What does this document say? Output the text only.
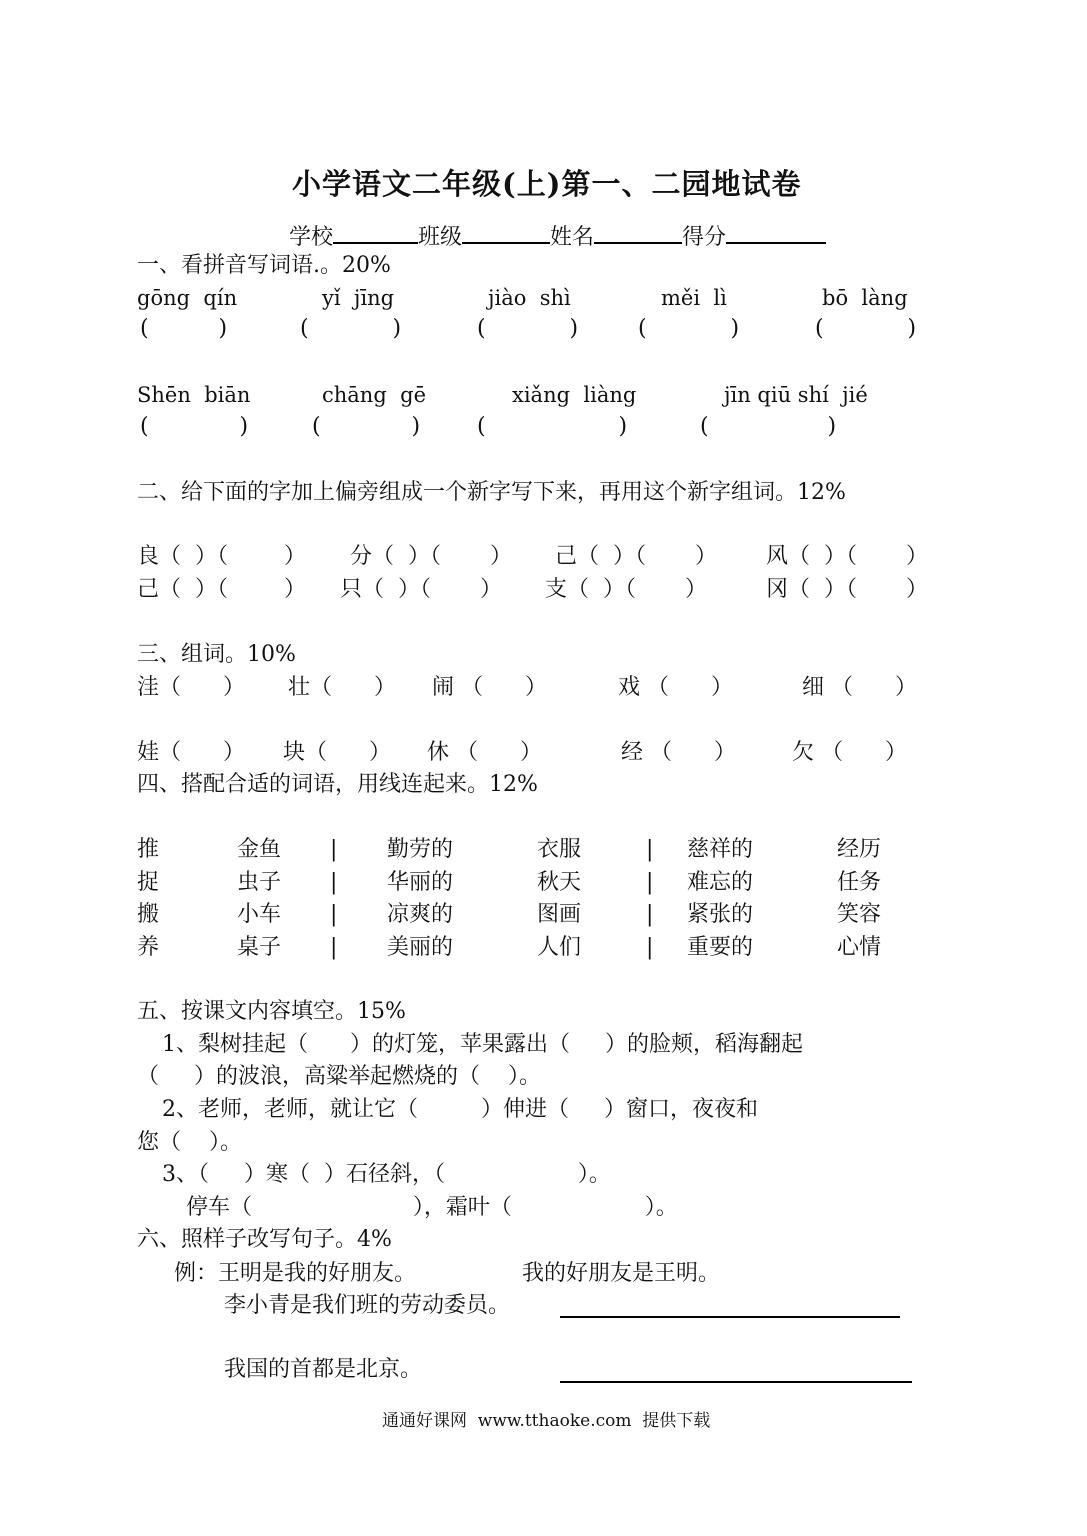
小学语文二年级(上)第一、二园地试卷
学校	班级	姓名	得分
一、看拼音写词语.。20%
gōng  qín	yǐ  jīng	jiào  shì	měi  lì	bō  làng
(          )	(            )	(            )	(            )	(            )
Shēn  biān	chāng  gē	xiǎng  liàng	jīn qiū shí  jié
(             )	(             )	(                   )	(                 )
二、给下面的字加上偏旁组成一个新字写下来，再用这个新字组词。12%
良（  ）（        ） 分（  ）（       ） 己（  ）（       ） 风（  ）（       ）
己（  ）（        ） 只（  ）（       ） 支（  ）（       ）	冈（  ）（       ）
三、组词。10%
洼（      ） 壮（      ） 闹 （      ）	戏 （      ）	细 （      ）
娃（      ） 块（      ） 休 （      ）	经 （      ）	欠 （      ）
四、搭配合适的词语，用线连起来。12%
推	金鱼 | 勤劳的	衣服	| 慈祥的	经历
捉	虫子 | 华丽的	秋天	| 难忘的	任务
搬	小车 | 凉爽的	图画	| 紧张的	笑容
养	桌子 | 美丽的	人们	| 重要的	心情
五、按课文内容填空。15%
1、梨树挂起（ ）的灯笼，苹果露出（ ）的脸颊，稻海翻起
（ ）的波浪，高粱举起燃烧的（ ）。
2、老师，老师，就让它（	）伸进（ ）窗口，夜夜和
您（ ）。
3、（ ）寒（ ）石径斜，（	）。
停车（	），霜叶（	）。
六、照样子改写句子。4%
例：王明是我的好朋友。	我的好朋友是王明。
李小青是我们班的劳动委员。
我国的首都是北京。
通通好课网  www.tthaoke.com  提供下载
